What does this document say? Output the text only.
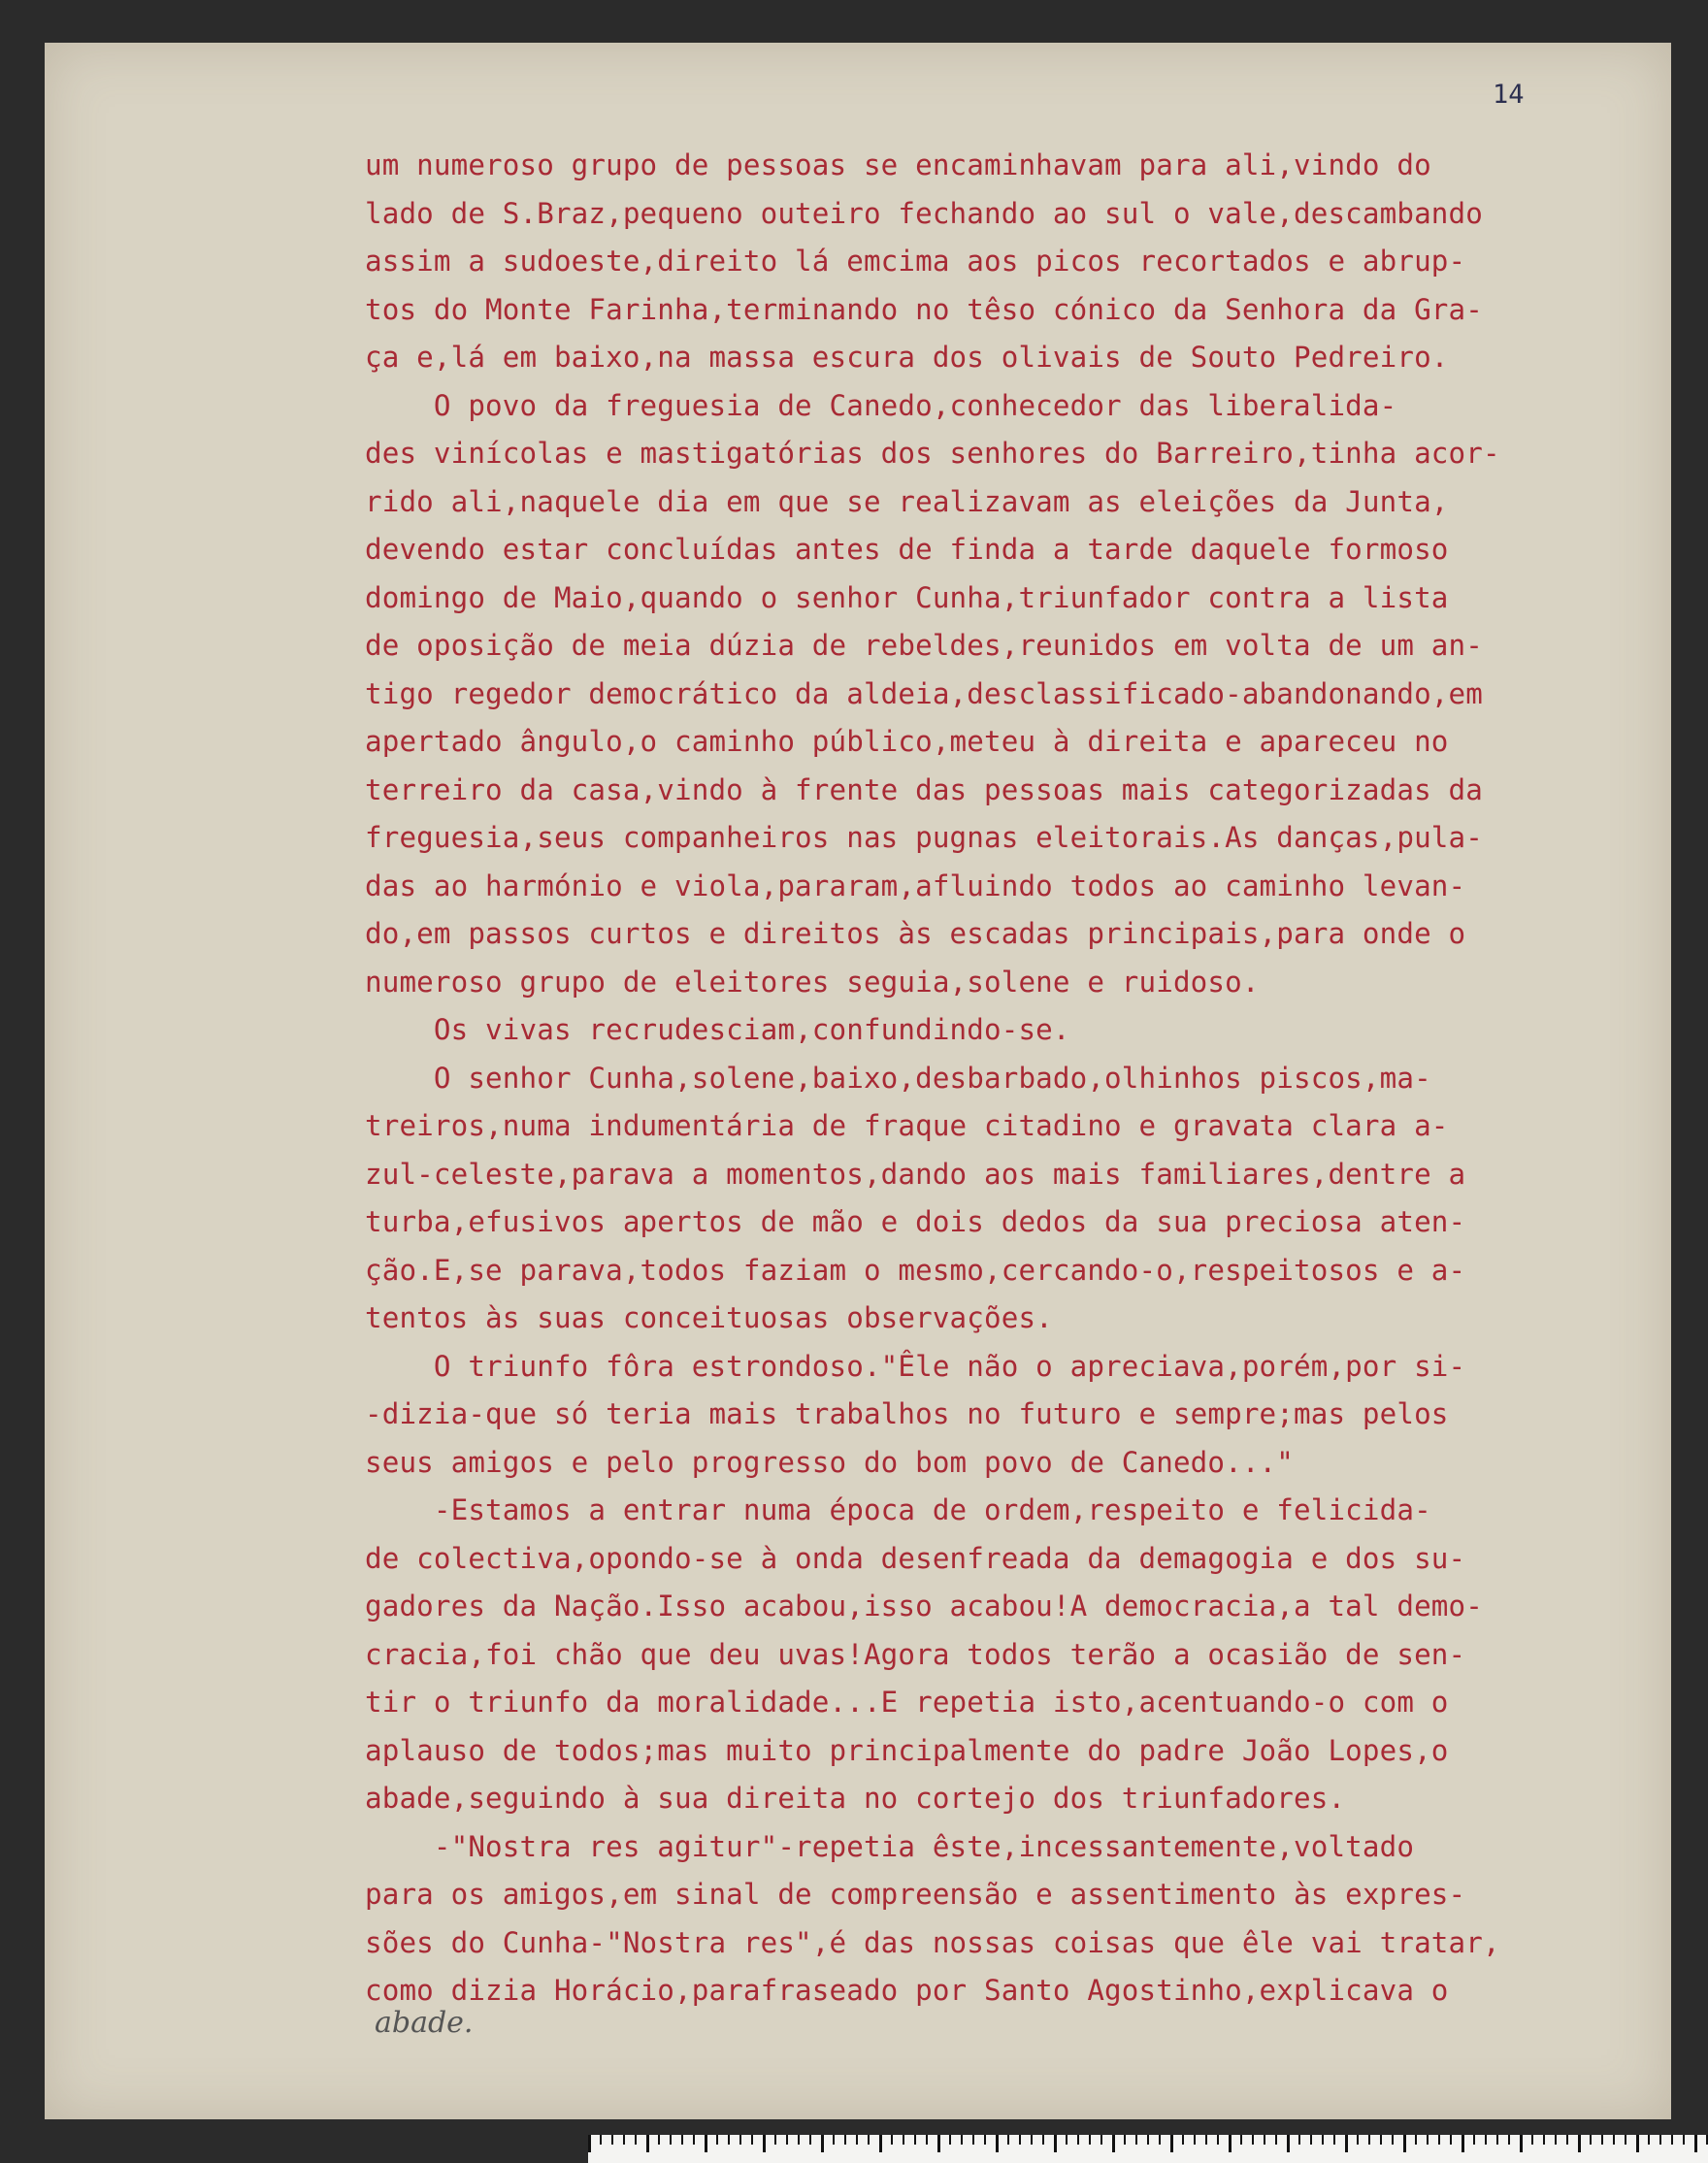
14
um numeroso grupo de pessoas se encaminhavam para ali,vindo do
lado de S.Braz,pequeno outeiro fechando ao sul o vale,descambando
assim a sudoeste,direito lá emcima aos picos recortados e abrup-
tos do Monte Farinha,terminando no têso cónico da Senhora da Gra-
ça e,lá em baixo,na massa escura dos olivais de Souto Pedreiro.
O povo da freguesia de Canedo,conhecedor das liberalida-
des vinícolas e mastigatórias dos senhores do Barreiro,tinha acor-
rido ali,naquele dia em que se realizavam as eleições da Junta,
devendo estar concluídas antes de finda a tarde daquele formoso
domingo de Maio,quando o senhor Cunha,triunfador contra a lista
de oposição de meia dúzia de rebeldes,reunidos em volta de um an-
tigo regedor democrático da aldeia,desclassificado-abandonando,em
apertado ângulo,o caminho público,meteu à direita e apareceu no
terreiro da casa,vindo à frente das pessoas mais categorizadas da
freguesia,seus companheiros nas pugnas eleitorais.As danças,pula-
das ao harmónio e viola,pararam,afluindo todos ao caminho levan-
do,em passos curtos e direitos às escadas principais,para onde o
numeroso grupo de eleitores seguia,solene e ruidoso.
Os vivas recrudesciam,confundindo-se.
O senhor Cunha,solene,baixo,desbarbado,olhinhos piscos,ma-
treiros,numa indumentária de fraque citadino e gravata clara a-
zul-celeste,parava a momentos,dando aos mais familiares,dentre a
turba,efusivos apertos de mão e dois dedos da sua preciosa aten-
ção.E,se parava,todos faziam o mesmo,cercando-o,respeitosos e a-
tentos às suas conceituosas observações.
O triunfo fôra estrondoso."Êle não o apreciava,porém,por si-
-dizia-que só teria mais trabalhos no futuro e sempre;mas pelos
seus amigos e pelo progresso do bom povo de Canedo..."
-Estamos a entrar numa época de ordem,respeito e felicida-
de colectiva,opondo-se à onda desenfreada da demagogia e dos su-
gadores da Nação.Isso acabou,isso acabou!A democracia,a tal demo-
cracia,foi chão que deu uvas!Agora todos terão a ocasião de sen-
tir o triunfo da moralidade...E repetia isto,acentuando-o com o
aplauso de todos;mas muito principalmente do padre João Lopes,o
abade,seguindo à sua direita no cortejo dos triunfadores.
-"Nostra res agitur"-repetia êste,incessantemente,voltado
para os amigos,em sinal de compreensão e assentimento às expres-
sões do Cunha-"Nostra res",é das nossas coisas que êle vai tratar,
como dizia Horácio,parafraseado por Santo Agostinho,explicava o
abade.
